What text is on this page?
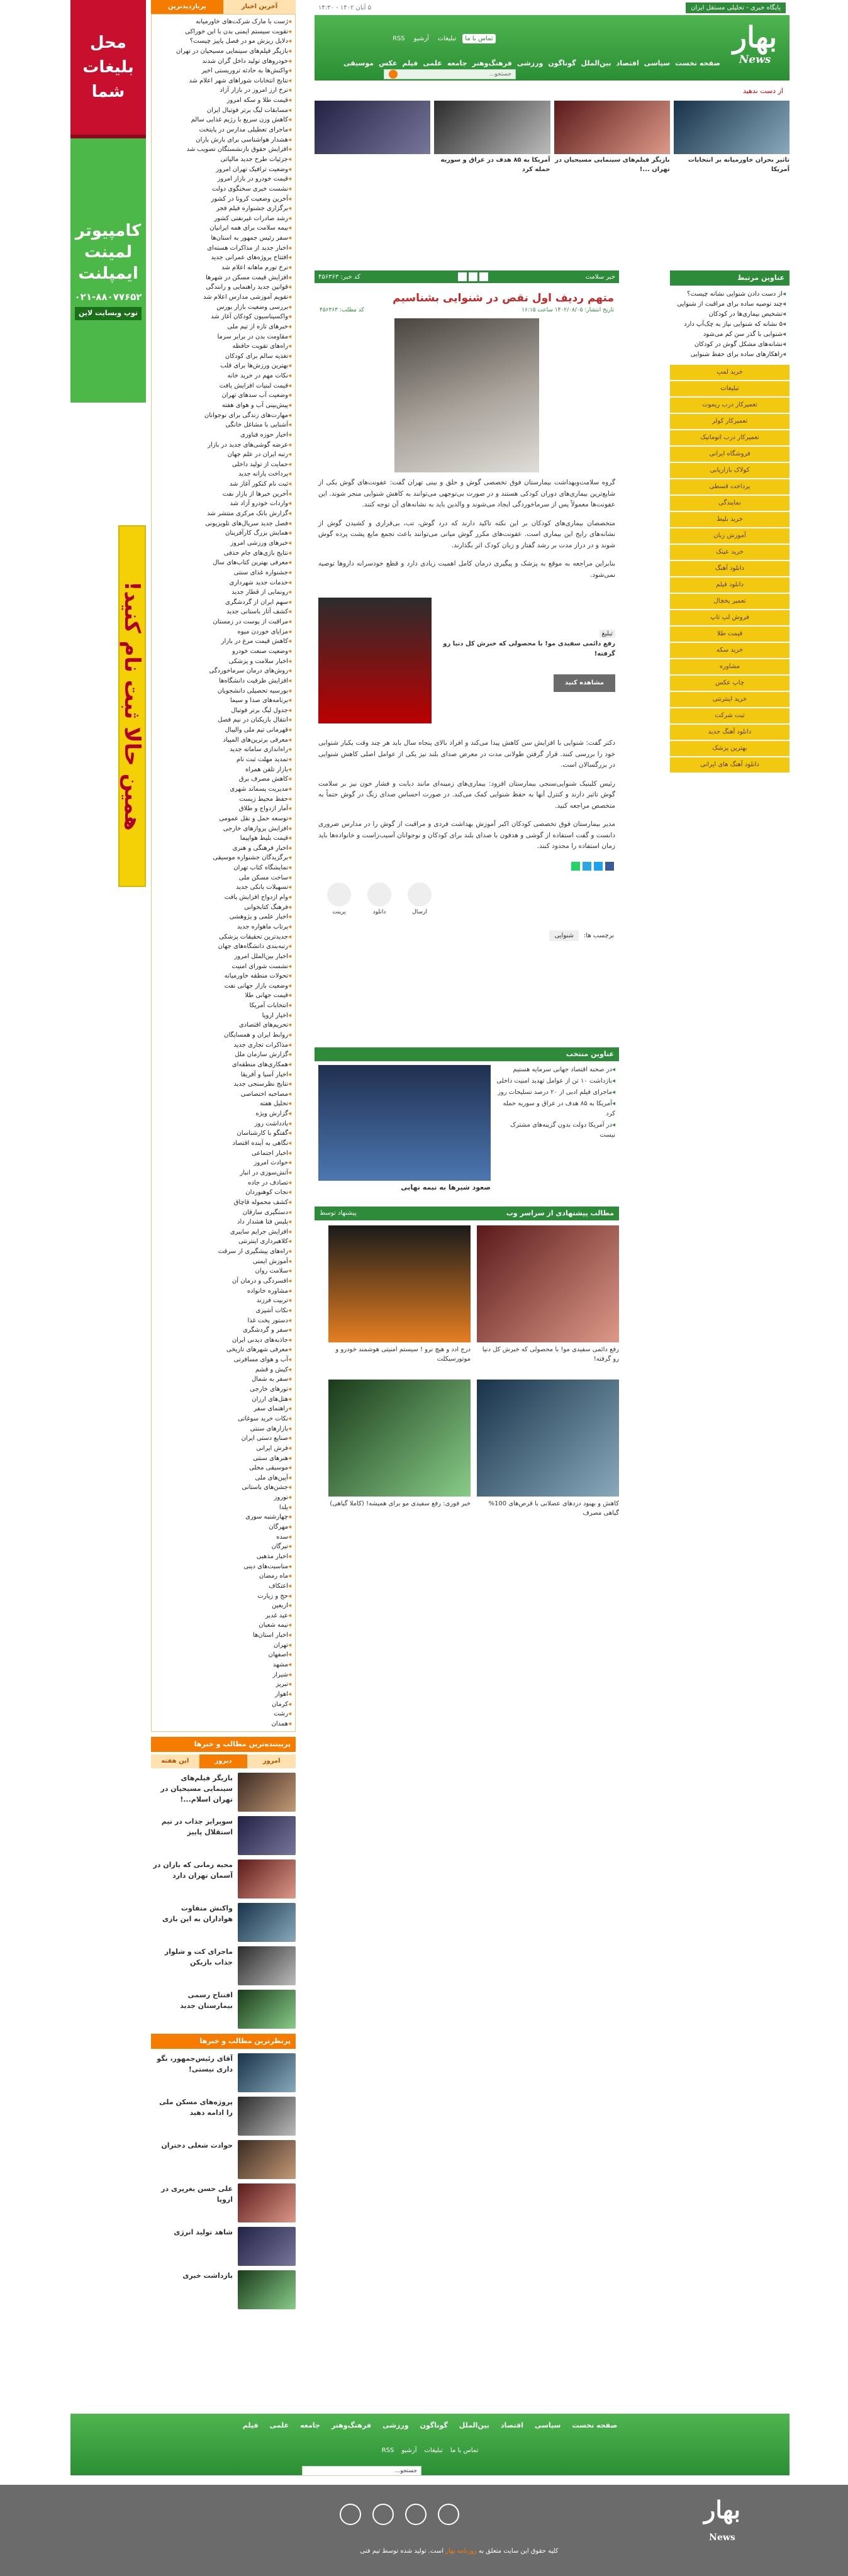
محل بلیغات شما
کامپیوتر لمینت ایمپلنت
۰۲۱-۸۸۰۷۷۶۵۲
توپ وبسایت لاین
همین حالا ثبت نام کنید!
آخرین اخبار
پربازدیدترین
◂ ژست با مارک شرکت‌های خاورمیانه
◂ تقویت سیستم ایمنی بدن با این خوراکی
◂ دلایل ریزش مو در فصل پاییز چیست؟
◂ بازیگر فیلم‌های سینمایی مسیحیان در تهران
◂ خودروهای تولید داخل گران شدند
◂ واکنش‌ها به حادثه تروریستی اخیر
◂ نتایج انتخابات شوراهای شهر اعلام شد
◂ نرخ ارز امروز در بازار آزاد
◂ قیمت طلا و سکه امروز
◂ مسابقات لیگ برتر فوتبال ایران
◂ کاهش وزن سریع با رژیم غذایی سالم
◂ ماجرای تعطیلی مدارس در پایتخت
◂ هشدار هواشناسی برای بارش باران
◂ افزایش حقوق بازنشستگان تصویب شد
◂ جزئیات طرح جدید مالیاتی
◂ وضعیت ترافیک تهران امروز
◂ قیمت خودرو در بازار امروز
◂ نشست خبری سخنگوی دولت
◂ آخرین وضعیت کرونا در کشور
◂ برگزاری جشنواره فیلم فجر
◂ رشد صادرات غیرنفتی کشور
◂ بیمه سلامت برای همه ایرانیان
◂ سفر رئیس جمهور به استان‌ها
◂ اخبار جدید از مذاکرات هسته‌ای
◂ افتتاح پروژه‌های عمرانی جدید
◂ نرخ تورم ماهانه اعلام شد
◂ افزایش قیمت مسکن در شهرها
◂ قوانین جدید راهنمایی و رانندگی
◂ تقویم آموزشی مدارس اعلام شد
◂ بررسی وضعیت بازار بورس
◂ واکسیناسیون کودکان آغاز شد
◂ خبرهای تازه از تیم ملی
◂ مقاومت بدن در برابر سرما
◂ راه‌های تقویت حافظه
◂ تغذیه سالم برای کودکان
◂ بهترین ورزش‌ها برای قلب
◂ نکات مهم در خرید خانه
◂ قیمت لبنیات افزایش یافت
◂ وضعیت آب سدهای تهران
◂ پیش‌بینی آب و هوای هفته
◂ مهارت‌های زندگی برای نوجوانان
◂ آشنایی با مشاغل خانگی
◂ اخبار حوزه فناوری
◂ عرضه گوشی‌های جدید در بازار
◂ رتبه ایران در علم جهان
◂ حمایت از تولید داخلی
◂ پرداخت یارانه جدید
◂ ثبت نام کنکور آغاز شد
◂ آخرین خبرها از بازار نفت
◂ واردات خودرو آزاد شد
◂ گزارش بانک مرکزی منتشر شد
◂ فصل جدید سریال‌های تلویزیونی
◂ همایش بزرگ کارآفرینان
◂ خبرهای ورزشی امروز
◂ نتایج بازی‌های جام حذفی
◂ معرفی بهترین کتاب‌های سال
◂ جشنواره غذای سنتی
◂ خدمات جدید شهرداری
◂ رونمایی از قطار جدید
◂ سهم ایران از گردشگری
◂ کشف آثار باستانی جدید
◂ مراقبت از پوست در زمستان
◂ مزایای خوردن میوه
◂ کاهش قیمت مرغ در بازار
◂ وضعیت صنعت خودرو
◂ اخبار سلامت و پزشکی
◂ روش‌های درمان سرماخوردگی
◂ افزایش ظرفیت دانشگاه‌ها
◂ بورسیه تحصیلی دانشجویان
◂ برنامه‌های صدا و سیما
◂ جدول لیگ برتر فوتبال
◂ انتقال بازیکنان در نیم فصل
◂ قهرمانی تیم ملی والیبال
◂ معرفی برترین‌های المپیاد
◂ راه‌اندازی سامانه جدید
◂ تمدید مهلت ثبت نام
◂ بازار تلفن همراه
◂ کاهش مصرف برق
◂ مدیریت پسماند شهری
◂ حفظ محیط زیست
◂ آمار ازدواج و طلاق
◂ توسعه حمل و نقل عمومی
◂ افزایش پروازهای خارجی
◂ قیمت بلیط هواپیما
◂ اخبار فرهنگی و هنری
◂ برگزیدگان جشنواره موسیقی
◂ نمایشگاه کتاب تهران
◂ ساخت مسکن ملی
◂ تسهیلات بانکی جدید
◂ وام ازدواج افزایش یافت
◂ فرهنگ کتابخوانی
◂ اخبار علمی و پژوهشی
◂ پرتاب ماهواره جدید
◂ جدیدترین تحقیقات پزشکی
◂ رتبه‌بندی دانشگاه‌های جهان
◂ اخبار بین‌الملل امروز
◂ نشست شورای امنیت
◂ تحولات منطقه خاورمیانه
◂ وضعیت بازار جهانی نفت
◂ قیمت جهانی طلا
◂ انتخابات آمریکا
◂ اخبار اروپا
◂ تحریم‌های اقتصادی
◂ روابط ایران و همسایگان
◂ مذاکرات تجاری جدید
◂ گزارش سازمان ملل
◂ همکاری‌های منطقه‌ای
◂ اخبار آسیا و آفریقا
◂ نتایج نظرسنجی جدید
◂ مصاحبه اختصاصی
◂ تحلیل هفته
◂ گزارش ویژه
◂ یادداشت روز
◂ گفتگو با کارشناسان
◂ نگاهی به آینده اقتصاد
◂ اخبار اجتماعی
◂ حوادث امروز
◂ آتش‌سوزی در انبار
◂ تصادف در جاده
◂ نجات کوهنوردان
◂ کشف محموله قاچاق
◂ دستگیری سارقان
◂ پلیس فتا هشدار داد
◂ افزایش جرایم سایبری
◂ کلاهبرداری اینترنتی
◂ راه‌های پیشگیری از سرقت
◂ آموزش ایمنی
◂ سلامت روان
◂ افسردگی و درمان آن
◂ مشاوره خانواده
◂ تربیت فرزند
◂ نکات آشپزی
◂ دستور پخت غذا
◂ سفر و گردشگری
◂ جاذبه‌های دیدنی ایران
◂ معرفی شهرهای تاریخی
◂ آب و هوای مسافرتی
◂ کیش و قشم
◂ سفر به شمال
◂ تورهای خارجی
◂ هتل‌های ارزان
◂ راهنمای سفر
◂ نکات خرید سوغاتی
◂ بازارهای سنتی
◂ صنایع دستی ایران
◂ فرش ایرانی
◂ هنرهای سنتی
◂ موسیقی محلی
◂ آیین‌های ملی
◂ جشن‌های باستانی
◂ نوروز
◂ یلدا
◂ چهارشنبه سوری
◂ مهرگان
◂ سده
◂ تیرگان
◂ اخبار مذهبی
◂ مناسبت‌های دینی
◂ ماه رمضان
◂ اعتکاف
◂ حج و زیارت
◂ اربعین
◂ عید غدیر
◂ نیمه شعبان
◂ اخبار استان‌ها
◂ تهران
◂ اصفهان
◂ مشهد
◂ شیراز
◂ تبریز
◂ اهواز
◂ کرمان
◂ رشت
◂ همدان
پربیننده‌ترین مطالب و خبرها
امروز
دیروز
این هفته
بازیگر فیلم‌های سینمایی مسیحیان در تهران اسلام...!
سوپرایز جذاب در تیم استقلال پاییز
محبه زمانی که باران در آسمان تهران دارد
واکنش متفاوت هواداران به این بازی
ماجرای کت و شلوار جذاب بازیکن
افتتاح رسمی بیمارستان جدید
پرنظرترین مطالب و خبرها
آقای رئیس‌جمهور، نگو داری نیستی!
پروژه‌های مسکن ملی را ادامه دهید
حوادث شغلی دختران
علی حسن بغرپری در اروپا
شاهد تولید انرژی
بازداشت خبری
پایگاه خبری - تحلیلی مستقل ایران
۵ آبان ۱۴۰۲ - ۱۴:۳۰
بهار
News
تماس با ما
تبلیغات
آرشیو
RSS
صفحه نخست
سیاسی
اقتصاد
بین‌الملل
گوناگون
ورزشی
فرهنگ‌وهنر
جامعه
علمی
فیلم
عکس
موسیقی
جستجو...
از دست ندهید
تاثیر بحران خاورمیانه بر انتخابات آمریکا
بازیگر فیلم‌های سینمایی مسیحیان در تهران ...!
آمریکا به ۸۵ هدف در عراق و سوریه حمله کرد
عناوین مرتبط
◂ از دست دادن شنوایی نشانه چیست؟
◂ چند توصیه ساده برای مراقبت از شنوایی
◂ تشخیص بیماری‌ها در کودکان
◂ ۵ نشانه که شنوایی نیاز به چک‌آپ دارد
◂ شنوایی با گذر سن کم می‌شود
◂ نشانه‌های مشکل گوش در کودکان
◂ راهکارهای ساده برای حفظ شنوایی
خرید لمپ
تبلیغات
تعمیرکار درب ریموت
تعمیرکار کولر
تعمیرکار درب اتوماتیک
فروشگاه ایرانی
کولاک بازاریابی
پرداخت قسطی
نمایندگی
خرید بلیط
آموزش زبان
خرید عینک
دانلود آهنگ
دانلود فیلم
تعمیر یخچال
فروش لپ تاپ
قیمت طلا
خرید سکه
مشاوره
چاپ عکس
خرید اینترنتی
ثبت شرکت
دانلود آهنگ جدید
بهترین پزشک
دانلود آهنگ های ایرانی
خبر سلامت
کد خبر: ۴۵۶۳۶۳
متهم ردیف اول نقص در شنوایی بشناسیم
تاریخ انتشار: ۱۴۰۲/۰۸/۰۵ ساعت ۱۶:۱۵
کد مطلب: ۴۵۶۳۶۳

گروه سلامت‌وبهداشت بیمارستان فوق تخصصی گوش و حلق و بینی تهران گفت: عفونت‌های گوش یکی از شایع‌ترین بیماری‌های دوران کودکی هستند و در صورت بی‌توجهی می‌توانند به کاهش شنوایی منجر شوند. این عفونت‌ها معمولاً پس از سرماخوردگی ایجاد می‌شوند و والدین باید به نشانه‌های آن توجه کنند.

متخصصان بیماری‌های کودکان بر این نکته تاکید دارند که درد گوش، تب، بی‌قراری و کشیدن گوش از نشانه‌های رایج این بیماری است. عفونت‌های مکرر گوش میانی می‌توانند باعث تجمع مایع پشت پرده گوش شوند و در دراز مدت بر رشد گفتار و زبان کودک اثر بگذارند.

بنابراین مراجعه به موقع به پزشک و پیگیری درمان کامل اهمیت زیادی دارد و قطع خودسرانه داروها توصیه نمی‌شود.

تبلیغ
رفع دائمی سفیدی مو! با محصولی که خبرش کل دنیا رو گرفته!
مشاهده کنید

دکتر گفت: شنوایی با افزایش سن کاهش پیدا می‌کند و افراد بالای پنجاه سال باید هر چند وقت یکبار شنوایی خود را بررسی کنند. قرار گرفتن طولانی مدت در معرض صدای بلند نیز یکی از عوامل اصلی کاهش شنوایی در بزرگسالان است.

رئیس کلینیک شنوایی‌سنجی بیمارستان افزود: بیماری‌های زمینه‌ای مانند دیابت و فشار خون نیز بر سلامت گوش تاثیر دارند و کنترل آنها به حفظ شنوایی کمک می‌کند. در صورت احساس صدای زنگ در گوش حتماً به متخصص مراجعه کنید.

مدیر بیمارستان فوق تخصصی کودکان اکبر آموزش بهداشت فردی و مراقبت از گوش را در مدارس ضروری دانست و گفت استفاده از گوشی و هدفون با صدای بلند برای کودکان و نوجوانان آسیب‌زاست و خانواده‌ها باید زمان استفاده را محدود کنند.

ارسال
دانلود
پرینت
برچسب ها:
شنوایی
عناوین منتخب
◂ در صحنه اقتصاد جهانی سرمایه هستیم
◂ بازداشت ۱۰ تن از عوامل تهدید امنیت داخلی
◂ ماجرای فیلم ادبی از ۲۰ درصد تسلیحات روز
◂ آمریکا به ۸۵ هدف در عراق و سوریه حمله کرد
◂ در آمریکا دولت بدون گزینه‌های مشترک نیست
صعود شیرها به نیمه نهایی
مطالب پیشنهادی از سراسر وب
پیشنهاد توسط
رفع دائمی سفیدی مو! با محصولی که خبرش کل دنیا رو گرفته!
درج ادد و هیچ نرو ! سیستم امنیتی هوشمند خودرو و موتورسیکلت
کاهش و بهبود دردهای عضلانی با قرص‌های 100% گیاهی مصرف
خبر فوری: رفع سفیدی مو برای همیشه! (کاملا گیاهی)
صفحه نخست
سیاسی
اقتصاد
بین‌الملل
گوناگون
ورزشی
فرهنگ‌وهنر
جامعه
علمی
فیلم
تماس با ما
تبلیغات
آرشیو
RSS
جستجو...
بهار
News
کلیه حقوق این سایت متعلق به روزنامه بهار است. تولید شده توسط تیم فنی
